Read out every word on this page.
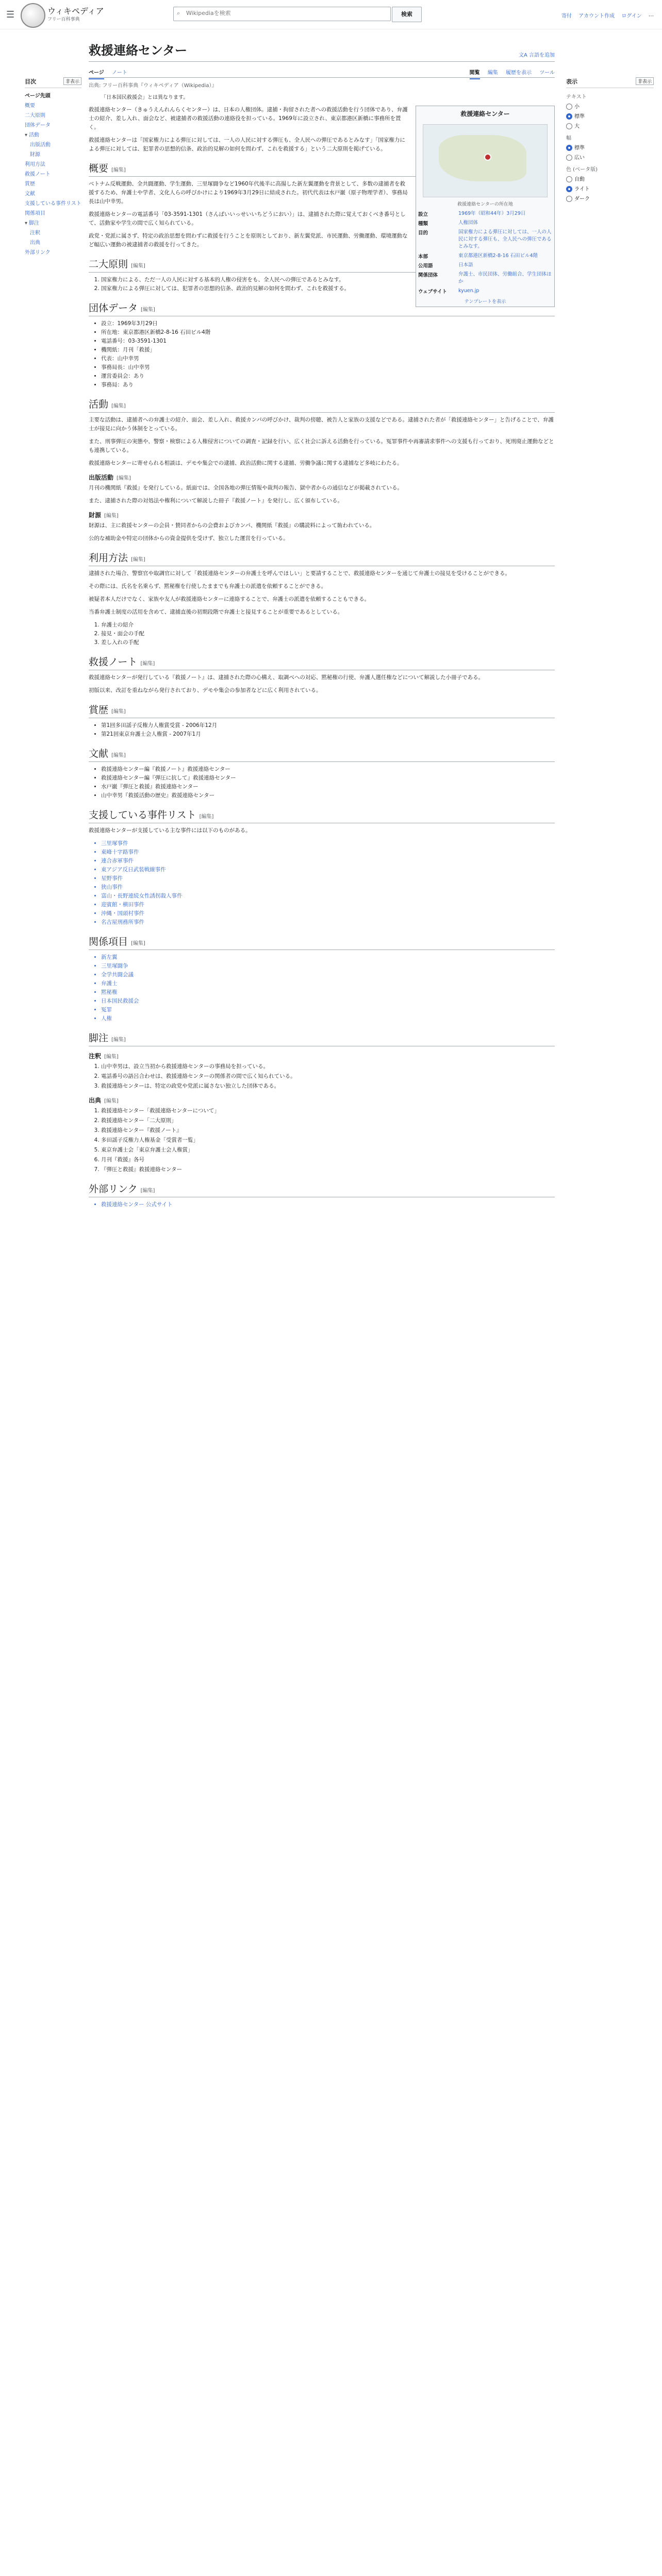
☰	ウィキペディア
フリー百科事典
⌕
Wikipediaを検索	検索	寄付 アカウント作成 ログイン ⋯
目次	非表示
ページ先頭
概要
二大原則
団体データ
▾ 活動
出版活動
財源
利用方法
救援ノート
賞歴
文献
支援している事件リスト
関係項目
▾ 脚注
注釈
出典
外部リンク
救援連絡センター	文A 言語を追加
ページ ノート	閲覧 編集 履歴を表示 ツール
出典: フリー百科事典『ウィキペディア（Wikipedia）』
「日本国民救援会」とは異なります。
救援連絡センター
救援連絡センターの所在地
設立	1969年（昭和44年）3月29日
種類	人権団体
目的	国家権力による弾圧に対しては、一人の人民に対する弾圧も、全人民への弾圧であるとみなす。
本部	東京都港区新橋2-8-16 石田ビル4階
公用語	日本語
関係団体	弁護士、市民団体、労働組合、学生団体ほか
ウェブサイト	kyuen.jp
テンプレートを表示

救援連絡センター（きゅうえんれんらくセンター）は、日本の人権団体。逮捕・拘留された者への救援活動を行う団体であり、弁護士の紹介、差し入れ、面会など、被逮捕者の救援活動の連絡役を担っている。1969年に設立され、東京都港区新橋に事務所を置く。

救援連絡センターは「国家権力による弾圧に対しては、一人の人民に対する弾圧も、全人民への弾圧であるとみなす」「国家権力による弾圧に対しては、犯罪者の思想的信条、政治的見解の如何を問わず、これを救援する」という二大原則を掲げている。

概要 [編集]

ベトナム反戦運動、全共闘運動、学生運動、三里塚闘争など1960年代後半に高揚した新左翼運動を背景として、多数の逮捕者を救援するため、弁護士や学者、文化人らの呼びかけにより1969年3月29日に結成された。初代代表は水戸巌（原子物理学者）、事務局長は山中幸男。

救援連絡センターの電話番号「03-3591-1301（さんぱいいっせいいちどうにおい）」は、逮捕された際に覚えておくべき番号として、活動家や学生の間で広く知られている。

政党・党派に属さず、特定の政治思想を問わずに救援を行うことを原則としており、新左翼党派、市民運動、労働運動、環境運動など幅広い運動の被逮捕者の救援を行ってきた。

二大原則 [編集]
1. 国家権力による、ただ一人の人民に対する基本的人権の侵害をも、全人民への弾圧であるとみなす。
2. 国家権力による弾圧に対しては、犯罪者の思想的信条、政治的見解の如何を問わず、これを救援する。
団体データ [編集]
• 設立：1969年3月29日
• 所在地：東京都港区新橋2-8-16 石田ビル4階
• 電話番号：03-3591-1301
• 機関紙：月刊「救援」
• 代表：山中幸男
• 事務局長：山中幸男
• 運営委員会：あり
• 事務局：あり
活動 [編集]

主要な活動は、逮捕者への弁護士の紹介、面会、差し入れ、救援カンパの呼びかけ、裁判の傍聴、被告人と家族の支援などである。逮捕された者が「救援連絡センター」と告げることで、弁護士が接見に向かう体制をとっている。

また、刑事弾圧の実態や、警察・検察による人権侵害についての調査・記録を行い、広く社会に訴える活動を行っている。冤罪事件や再審請求事件への支援も行っており、死刑廃止運動などとも連携している。

救援連絡センターに寄せられる相談は、デモや集会での逮捕、政治活動に関する逮捕、労働争議に関する逮捕など多岐にわたる。

出版活動 [編集]

月刊の機関紙『救援』を発行している。紙面では、全国各地の弾圧情報や裁判の報告、獄中者からの通信などが掲載されている。

また、逮捕された際の対処法や権利について解説した冊子『救援ノート』を発行し、広く頒布している。

財源 [編集]

財源は、主に救援センターの会員・賛同者からの会費およびカンパ、機関紙『救援』の購読料によって賄われている。

公的な補助金や特定の団体からの資金提供を受けず、独立した運営を行っている。

利用方法 [編集]

逮捕された場合、警察官や取調官に対して「救援連絡センターの弁護士を呼んでほしい」と要請することで、救援連絡センターを通じて弁護士の接見を受けることができる。

その際には、氏名を名乗らず、黙秘権を行使したままでも弁護士の派遣を依頼することができる。

被疑者本人だけでなく、家族や友人が救援連絡センターに連絡することで、弁護士の派遣を依頼することもできる。

当番弁護士制度の活用を含めて、逮捕直後の初期段階で弁護士と接見することが重要であるとしている。

1. 弁護士の紹介
2. 接見・面会の手配
3. 差し入れの手配
救援ノート [編集]

救援連絡センターが発行している『救援ノート』は、逮捕された際の心構え、取調べへの対応、黙秘権の行使、弁護人選任権などについて解説した小冊子である。

初版以来、改訂を重ねながら発行されており、デモや集会の参加者などに広く利用されている。

賞歴 [編集]
• 第1回多田謡子反権力人権賞受賞 - 2006年12月
• 第21回東京弁護士会人権賞 - 2007年1月
文献 [編集]
• 救援連絡センター編『救援ノート』救援連絡センター
• 救援連絡センター編『弾圧に抗して』救援連絡センター
• 水戸巌『弾圧と救援』救援連絡センター
• 山中幸男『救援活動の歴史』救援連絡センター
支援している事件リスト [編集]

救援連絡センターが支援している主な事件には以下のものがある。

• 三里塚事件
• 東峰十字路事件
• 連合赤軍事件
• 東アジア反日武装戦線事件
• 星野事件
• 狭山事件
• 富山・長野連続女性誘拐殺人事件
• 迎賓館・横田事件
• 沖縄・国頭村事件
• 名古屋刑務所事件
関係項目 [編集]
• 新左翼
• 三里塚闘争
• 全学共闘会議
• 弁護士
• 黙秘権
• 日本国民救援会
• 冤罪
• 人権
脚注 [編集]
注釈 [編集]
1. 山中幸男は、設立当初から救援連絡センターの事務局を担っている。
2. 電話番号の語呂合わせは、救援連絡センターの関係者の間で広く知られている。
3. 救援連絡センターは、特定の政党や党派に属さない独立した団体である。
出典 [編集]
1. 救援連絡センター「救援連絡センターについて」
2. 救援連絡センター「二大原則」
3. 救援連絡センター『救援ノート』
4. 多田謡子反権力人権基金「受賞者一覧」
5. 東京弁護士会「東京弁護士会人権賞」
6. 月刊『救援』各号
7. 『弾圧と救援』救援連絡センター
外部リンク [編集]
• 救援連絡センター 公式サイト
表示	非表示
テキスト
小
標準
大
幅
標準
広い
色 (ベータ版)
自動
ライト
ダーク
